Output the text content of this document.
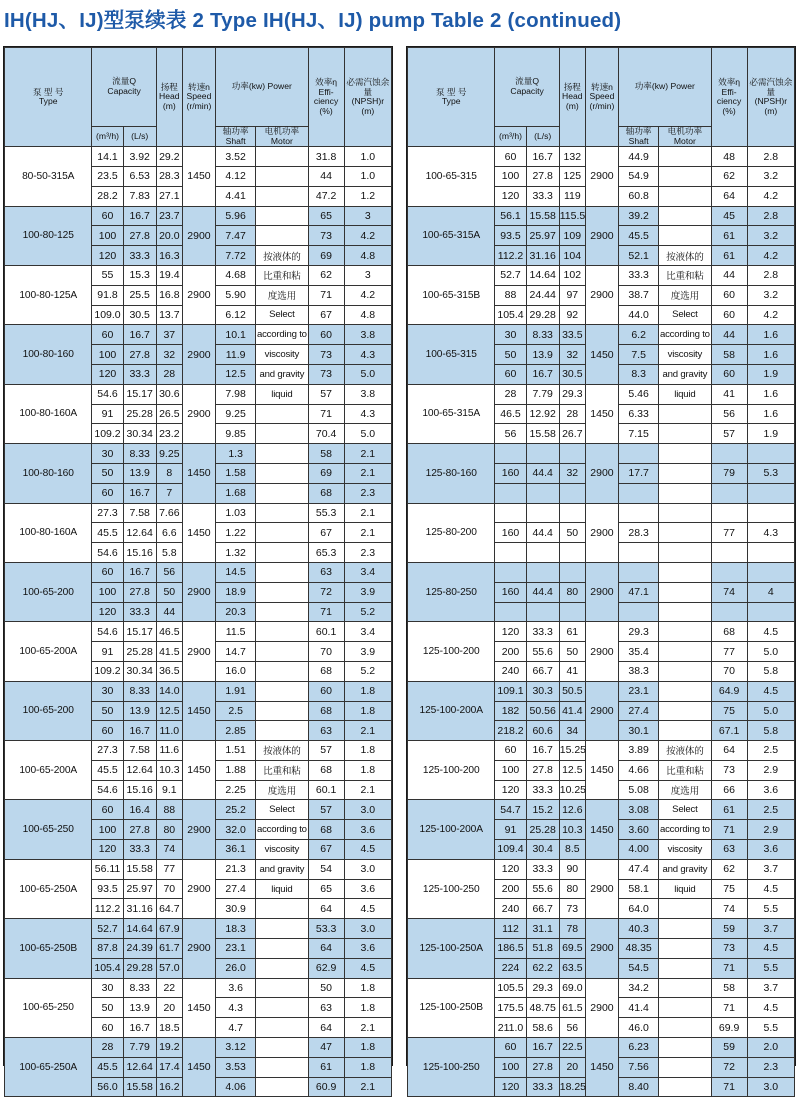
IH(HJ、IJ)型泵续表 2 Type IH(HJ、IJ) pump Table 2 (continued)
泵 型 号
Type	流量Q
Capacity		扬程
Head
(m)	转速n
Speed
(r/min)	功率(kw) Power		效率η
Effi-ciency
(%)	必需汽蚀余量
(NPSH)r
(m)

	(m³/h)	(L/s)			轴功率
Shaft	电机功率
Motor		

80-50-315A	14.1	3.92	29.2	1450	3.52		31.8	1.0
	23.5	6.53	28.3		4.12		44	1.0
	28.2	7.83	27.1		4.41		47.2	1.2
100-80-125	60	16.7	23.7	2900	5.96		65	3
	100	27.8	20.0		7.47		73	4.2
	120	33.3	16.3		7.72	按液体的	69	4.8
100-80-125A	55	15.3	19.4	2900	4.68	比重和粘	62	3
	91.8	25.5	16.8		5.90	度选用	71	4.2
	109.0	30.5	13.7		6.12	Select	67	4.8
100-80-160	60	16.7	37	2900	10.1	according to	60	3.8
	100	27.8	32		11.9	viscosity	73	4.3
	120	33.3	28		12.5	and gravity	73	5.0
100-80-160A	54.6	15.17	30.6	2900	7.98	liquid	57	3.8
	91	25.28	26.5		9.25		71	4.3
	109.2	30.34	23.2		9.85		70.4	5.0
100-80-160	30	8.33	9.25	1450	1.3		58	2.1
	50	13.9	8		1.58		69	2.1
	60	16.7	7		1.68		68	2.3
100-80-160A	27.3	7.58	7.66	1450	1.03		55.3	2.1
	45.5	12.64	6.6		1.22		67	2.1
	54.6	15.16	5.8		1.32		65.3	2.3
100-65-200	60	16.7	56	2900	14.5		63	3.4
	100	27.8	50		18.9		72	3.9
	120	33.3	44		20.3		71	5.2
100-65-200A	54.6	15.17	46.5	2900	11.5		60.1	3.4
	91	25.28	41.5		14.7		70	3.9
	109.2	30.34	36.5		16.0		68	5.2
100-65-200	30	8.33	14.0	1450	1.91		60	1.8
	50	13.9	12.5		2.5		68	1.8
	60	16.7	11.0		2.85		63	2.1
100-65-200A	27.3	7.58	11.6	1450	1.51	按液体的	57	1.8
	45.5	12.64	10.3		1.88	比重和粘	68	1.8
	54.6	15.16	9.1		2.25	度选用	60.1	2.1
100-65-250	60	16.4	88	2900	25.2	Select	57	3.0
	100	27.8	80		32.0	according to	68	3.6
	120	33.3	74		36.1	viscosity	67	4.5
100-65-250A	56.11	15.58	77	2900	21.3	and gravity	54	3.0
	93.5	25.97	70		27.4	liquid	65	3.6
	112.2	31.16	64.7		30.9		64	4.5
100-65-250B	52.7	14.64	67.9	2900	18.3		53.3	3.0
	87.8	24.39	61.7		23.1		64	3.6
	105.4	29.28	57.0		26.0		62.9	4.5
100-65-250	30	8.33	22	1450	3.6		50	1.8
	50	13.9	20		4.3		63	1.8
	60	16.7	18.5		4.7		64	2.1
100-65-250A	28	7.79	19.2	1450	3.12		47	1.8
	45.5	12.64	17.4		3.53		61	1.8
	56.0	15.58	16.2		4.06		60.9	2.1
泵 型 号
Type	流量Q
Capacity		扬程
Head
(m)	转速n
Speed
(r/min)	功率(kw) Power		效率η
Effi-ciency
(%)	必需汽蚀余量
(NPSH)r
(m)

	(m³/h)	(L/s)			轴功率
Shaft	电机功率
Motor		

100-65-315	60	16.7	132	2900	44.9		48	2.8
	100	27.8	125		54.9		62	3.2
	120	33.3	119		60.8		64	4.2
100-65-315A	56.1	15.58	115.5	2900	39.2		45	2.8
	93.5	25.97	109		45.5		61	3.2
	112.2	31.16	104		52.1	按液体的	61	4.2
100-65-315B	52.7	14.64	102	2900	33.3	比重和粘	44	2.8
	88	24.44	97		38.7	度选用	60	3.2
	105.4	29.28	92		44.0	Select	60	4.2
100-65-315	30	8.33	33.5	1450	6.2	according to	44	1.6
	50	13.9	32		7.5	viscosity	58	1.6
	60	16.7	30.5		8.3	and gravity	60	1.9
100-65-315A	28	7.79	29.3	1450	5.46	liquid	41	1.6
	46.5	12.92	28		6.33		56	1.6
	56	15.58	26.7		7.15		57	1.9
125-80-160				2900				
	160	44.4	32		17.7		79	5.3

125-80-200				2900				
	160	44.4	50		28.3		77	4.3

125-80-250				2900				
	160	44.4	80		47.1		74	4

125-100-200	120	33.3	61	2900	29.3		68	4.5
	200	55.6	50		35.4		77	5.0
	240	66.7	41		38.3		70	5.8
125-100-200A	109.1	30.3	50.5	2900	23.1		64.9	4.5
	182	50.56	41.4		27.4		75	5.0
	218.2	60.6	34		30.1		67.1	5.8
125-100-200	60	16.7	15.25	1450	3.89	按液体的	64	2.5
	100	27.8	12.5		4.66	比重和粘	73	2.9
	120	33.3	10.25		5.08	度选用	66	3.6
125-100-200A	54.7	15.2	12.6	1450	3.08	Select	61	2.5
	91	25.28	10.3		3.60	according to	71	2.9
	109.4	30.4	8.5		4.00	viscosity	63	3.6
125-100-250	120	33.3	90	2900	47.4	and gravity	62	3.7
	200	55.6	80		58.1	liquid	75	4.5
	240	66.7	73		64.0		74	5.5
125-100-250A	112	31.1	78	2900	40.3		59	3.7
	186.5	51.8	69.5		48.35		73	4.5
	224	62.2	63.5		54.5		71	5.5
125-100-250B	105.5	29.3	69.0	2900	34.2		58	3.7
	175.5	48.75	61.5		41.4		71	4.5
	211.0	58.6	56		46.0		69.9	5.5
125-100-250	60	16.7	22.5	1450	6.23		59	2.0
	100	27.8	20		7.56		72	2.3
	120	33.3	18.25		8.40		71	3.0
